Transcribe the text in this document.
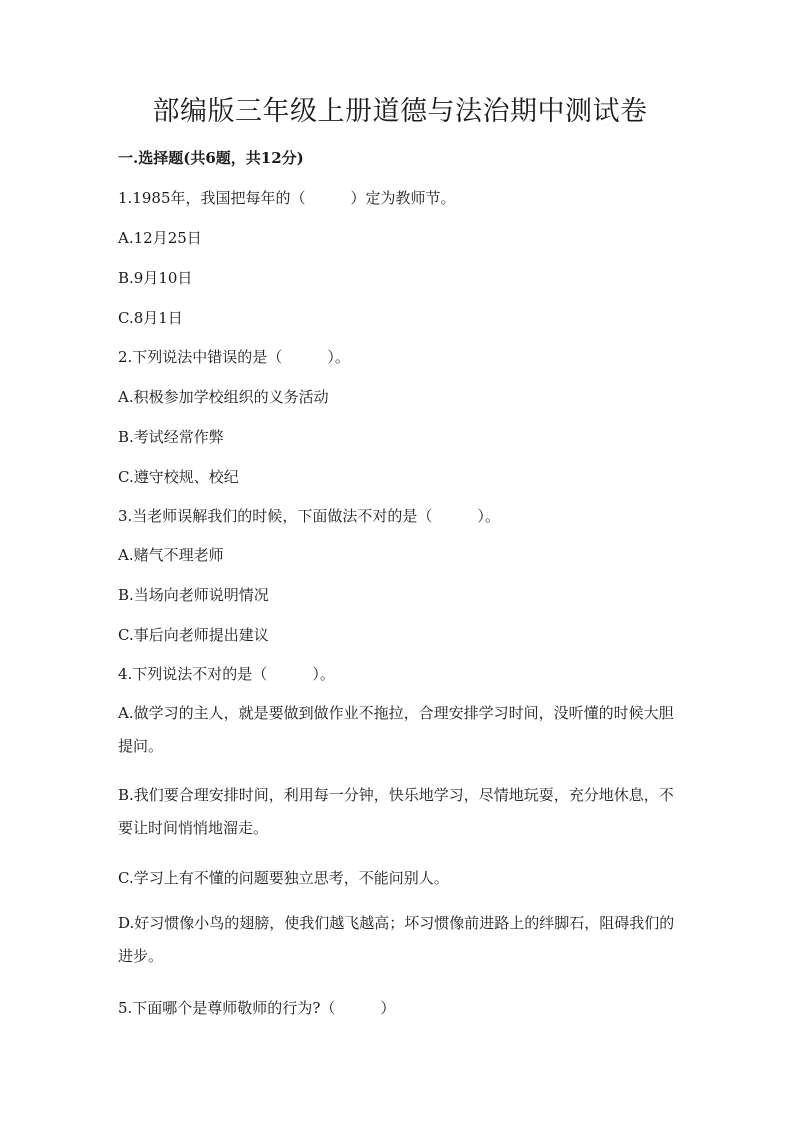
部编版三年级上册道德与法治期中测试卷
一.选择题(共6题，共12分)

1.1985年，我国把每年的（　　　）定为教师节。

A.12月25日

B.9月10日

C.8月1日

2.下列说法中错误的是（　　　）。

A.积极参加学校组织的义务活动

B.考试经常作弊

C.遵守校规、校纪

3.当老师误解我们的时候，下面做法不对的是（　　　）。

A.赌气不理老师

B.当场向老师说明情况

C.事后向老师提出建议

4.下列说法不对的是（　　　）。

A.做学习的主人，就是要做到做作业不拖拉，合理安排学习时间，没听懂的时候大胆提问。

B.我们要合理安排时间，利用每一分钟，快乐地学习，尽情地玩耍，充分地休息，不要让时间悄悄地溜走。

C.学习上有不懂的问题要独立思考，不能问别人。

D.好习惯像小鸟的翅膀，使我们越飞越高；坏习惯像前进路上的绊脚石，阻碍我们的进步。

5.下面哪个是尊师敬师的行为?（　　　）
